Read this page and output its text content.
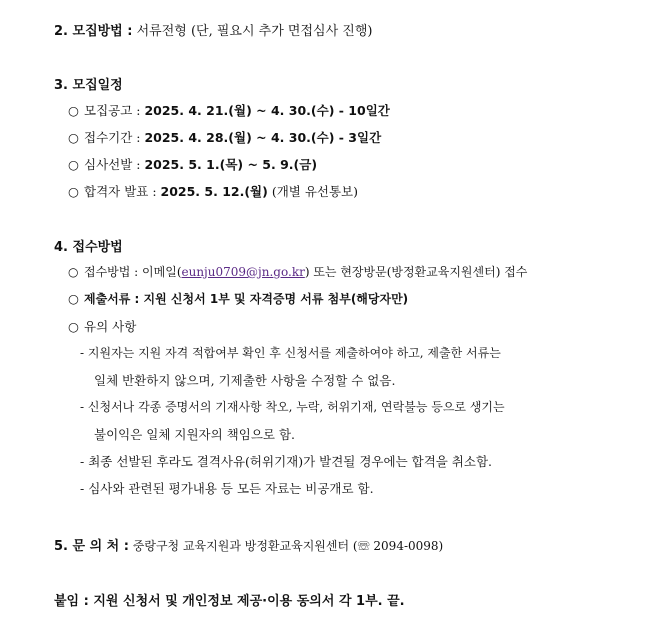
2. 모집방법 : 서류전형 (단, 필요시 추가 면접심사 진행)
3. 모집일정
○ 모집공고 : 2025. 4. 21.(월) ~ 4. 30.(수) - 10일간
○ 접수기간 : 2025. 4. 28.(월) ~ 4. 30.(수) - 3일간
○ 심사선발 : 2025. 5. 1.(목) ~ 5. 9.(금)
○ 합격자 발표 : 2025. 5. 12.(월) (개별 유선통보)
4. 접수방법
○ 접수방법 : 이메일(eunju0709@jn.go.kr) 또는 현장방문(방정환교육지원센터) 접수
○ 제출서류 : 지원 신청서 1부 및 자격증명 서류 첨부(해당자만)
○ 유의 사항
- 지원자는 지원 자격 적합여부 확인 후 신청서를 제출하여야 하고, 제출한 서류는
일체 반환하지 않으며, 기제출한 사항을 수정할 수 없음.
- 신청서나 각종 증명서의 기재사항 착오, 누락, 허위기재, 연락불능 등으로 생기는
불이익은 일체 지원자의 책임으로 함.
- 최종 선발된 후라도 결격사유(허위기재)가 발견될 경우에는 합격을 취소함.
- 심사와 관련된 평가내용 등 모든 자료는 비공개로 함.
5. 문 의 처 : 중랑구청 교육지원과 방정환교육지원센터 (☏ 2094-0098)
붙임 : 지원 신청서 및 개인정보 제공·이용 동의서 각 1부. 끝.
